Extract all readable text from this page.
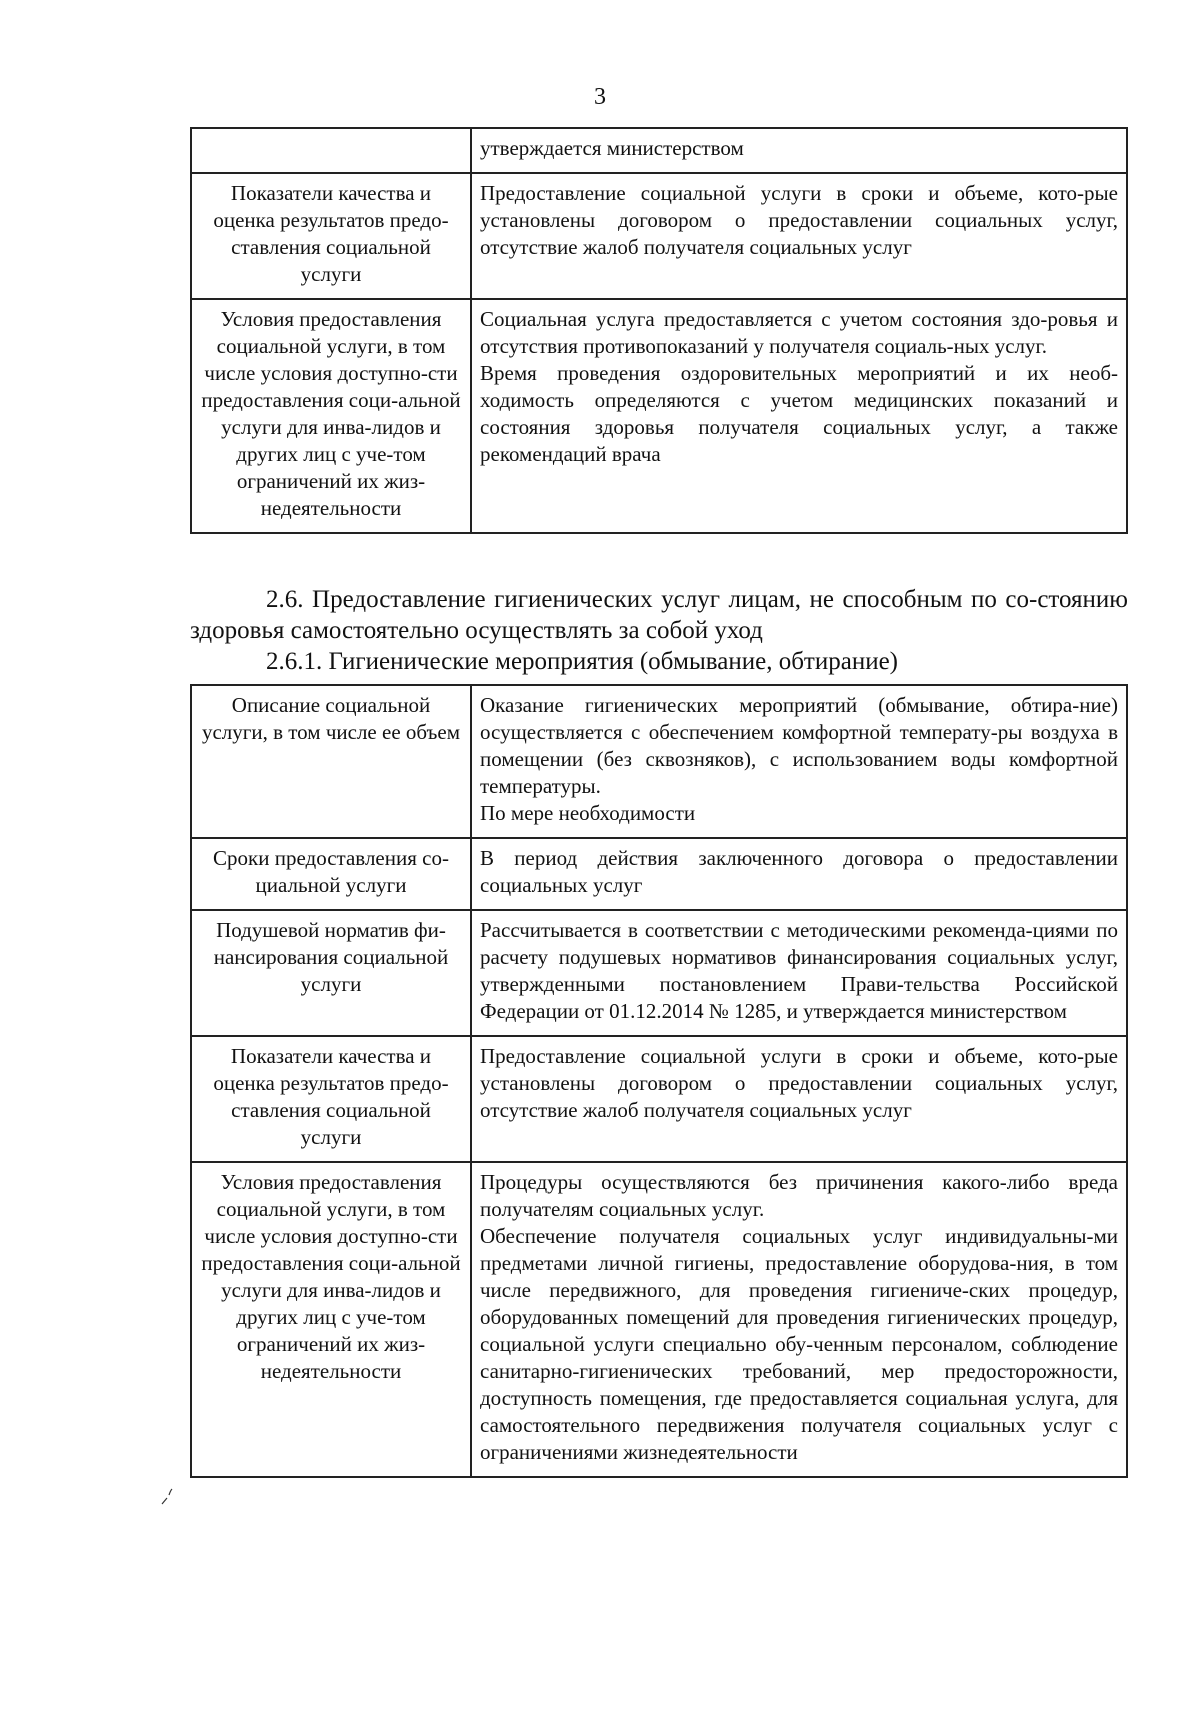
3

	утверждается министерством

Показатели качества и оценка результатов предо-ставления социальной услуги	Предоставление социальной услуги в сроки и объеме, кото-рые установлены договором о предоставлении социальных услуг, отсутствие жалоб получателя социальных услуг

Условия предоставления социальной услуги, в том числе условия доступно-сти предоставления соци-альной услуги для инва-лидов и других лиц с уче-том ограничений их жиз-недеятельности	Социальная услуга предоставляется с учетом состояния здо-ровья и отсутствия противопоказаний у получателя социаль-ных услуг.
Время проведения оздоровительных мероприятий и их необ-ходимость определяются с учетом медицинских показаний и состояния здоровья получателя социальных услуг, а также рекомендаций врача
2.6. Предоставление гигиенических услуг лицам, не способным по со-стоянию здоровья самостоятельно осуществлять за собой уход
2.6.1. Гигиенические мероприятия (обмывание, обтирание)
Описание социальной услуги, в том числе ее объем	Оказание гигиенических мероприятий (обмывание, обтира-ние) осуществляется с обеспечением комфортной температу-ры воздуха в помещении (без сквозняков), с использованием воды комфортной температуры.
По мере необходимости

Сроки предоставления со-циальной услуги	В период действия заключенного договора о предоставлении социальных услуг

Подушевой норматив фи-нансирования социальной услуги	Рассчитывается в соответствии с методическими рекоменда-циями по расчету подушевых нормативов финансирования социальных услуг, утвержденными постановлением Прави-тельства Российской Федерации от 01.12.2014 № 1285, и утверждается министерством

Показатели качества и оценка результатов предо-ставления социальной услуги	Предоставление социальной услуги в сроки и объеме, кото-рые установлены договором о предоставлении социальных услуг, отсутствие жалоб получателя социальных услуг

Условия предоставления социальной услуги, в том числе условия доступно-сти предоставления соци-альной услуги для инва-лидов и других лиц с уче-том ограничений их жиз-недеятельности	Процедуры осуществляются без причинения какого-либо вреда получателям социальных услуг.
Обеспечение получателя социальных услуг индивидуальны-ми предметами личной гигиены, предоставление оборудова-ния, в том числе передвижного, для проведения гигиениче-ских процедур, оборудованных помещений для проведения гигиенических процедур, социальной услуги специально обу-ченным персоналом, соблюдение санитарно-гигиенических требований, мер предосторожности, доступность помещения, где предоставляется социальная услуга, для самостоятельного передвижения получателя социальных услуг с ограничениями жизнедеятельности
